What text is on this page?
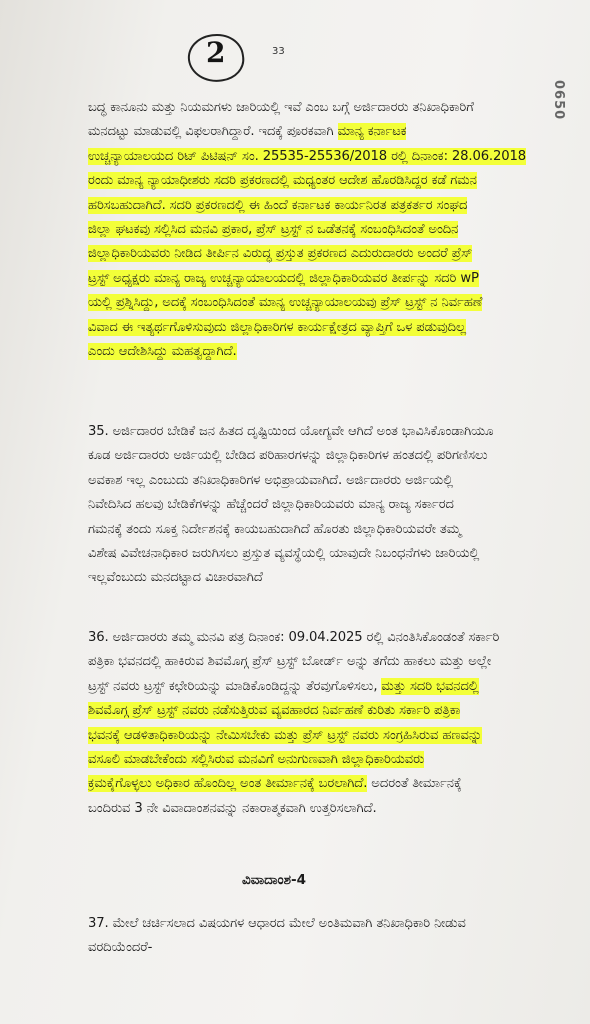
2	33
0650
ಬದ್ಧ ಕಾನೂನು ಮತ್ತು ನಿಯಮಗಳು ಜಾರಿಯಲ್ಲಿ ಇವೆ ಎಂಬ ಬಗ್ಗೆ ಅರ್ಜಿದಾರರು ತನಿಖಾಧಿಕಾರಿಗೆ
ಮನದಟ್ಟು ಮಾಡುವಲ್ಲಿ ವಿಫಲರಾಗಿದ್ದಾರೆ. ಇದಕ್ಕೆ ಪೂರಕವಾಗಿ ಮಾನ್ಯ ಕರ್ನಾಟಕ
ಉಚ್ಚನ್ಯಾಯಾಲಯದ ರಿಟ್ ಪಿಟಿಷನ್ ಸಂ. 25535-25536/2018 ರಲ್ಲಿ ದಿನಾಂಕ: 28.06.2018
ರಂದು ಮಾನ್ಯ ನ್ಯಾಯಾಧೀಶರು ಸದರಿ ಪ್ರಕರಣದಲ್ಲಿ ಮಧ್ಯಂತರ ಆದೇಶ ಹೊರಡಿಸಿದ್ದರ ಕಡೆ ಗಮನ
ಹರಿಸಬಹುದಾಗಿದೆ. ಸದರಿ ಪ್ರಕರಣದಲ್ಲಿ ಈ ಹಿಂದೆ ಕರ್ನಾಟಕ ಕಾರ್ಯನಿರತ ಪತ್ರಕರ್ತರ ಸಂಘದ
ಜಿಲ್ಲಾ ಘಟಕವು ಸಲ್ಲಿಸಿದ ಮನವಿ ಪ್ರಕಾರ, ಪ್ರೆಸ್ ಟ್ರಸ್ಟ್ ನ ಒಡೆತನಕ್ಕೆ ಸಂಬಂಧಿಸಿದಂತೆ ಅಂದಿನ
ಜಿಲ್ಲಾಧಿಕಾರಿಯವರು ನೀಡಿದ ತೀರ್ಪಿನ ವಿರುದ್ಧ ಪ್ರಸ್ತುತ ಪ್ರಕರಣದ ಎದುರುದಾರರು ಅಂದರೆ ಪ್ರೆಸ್
ಟ್ರಸ್ಟ್ ಅಧ್ಯಕ್ಷರು ಮಾನ್ಯ ರಾಜ್ಯ ಉಚ್ಚನ್ಯಾಯಾಲಯದಲ್ಲಿ ಜಿಲ್ಲಾಧಿಕಾರಿಯವರ ತೀರ್ಪನ್ನು ಸದರಿ wP
ಯಲ್ಲಿ ಪ್ರಶ್ನಿಸಿದ್ದು, ಅದಕ್ಕೆ ಸಂಬಂಧಿಸಿದಂತೆ ಮಾನ್ಯ ಉಚ್ಚನ್ಯಾಯಾಲಯವು ಪ್ರೆಸ್ ಟ್ರಸ್ಟ್ ನ ನಿರ್ವಹಣೆ
ವಿವಾದ ಈ ಇತ್ಯರ್ಥಗೊಳಿಸುವುದು ಜಿಲ್ಲಾಧಿಕಾರಿಗಳ ಕಾರ್ಯಕ್ಷೇತ್ರದ ವ್ಯಾಪ್ತಿಗೆ ಒಳ ಪಡುವುದಿಲ್ಲ
ಎಂದು ಆದೇಶಿಸಿದ್ದು ಮಹತ್ವದ್ದಾಗಿದೆ.
35. ಅರ್ಜಿದಾರರ ಬೇಡಿಕೆ ಜನ ಹಿತದ ದೃಷ್ಟಿಯಿಂದ ಯೋಗ್ಯವೇ ಆಗಿದೆ ಅಂತ ಭಾವಿಸಿಕೊಂಡಾಗಿಯೂ
ಕೂಡ ಅರ್ಜಿದಾರರು ಅರ್ಜಿಯಲ್ಲಿ ಬೇಡಿದ ಪರಿಹಾರಗಳನ್ನು ಜಿಲ್ಲಾಧಿಕಾರಿಗಳ ಹಂತದಲ್ಲಿ ಪರಿಗಣಿಸಲು
ಅವಕಾಶ ಇಲ್ಲ ಎಂಬುದು ತನಿಖಾಧಿಕಾರಿಗಳ ಅಭಿಪ್ರಾಯವಾಗಿದೆ. ಅರ್ಜಿದಾರರು ಅರ್ಜಿಯಲ್ಲಿ
ನಿವೇದಿಸಿದ ಹಲವು ಬೇಡಿಕೆಗಳನ್ನು ಹೆಚ್ಚೆಂದರೆ ಜಿಲ್ಲಾಧಿಕಾರಿಯವರು ಮಾನ್ಯ ರಾಜ್ಯ ಸರ್ಕಾರದ
ಗಮನಕ್ಕೆ ತಂದು ಸೂಕ್ತ ನಿರ್ದೇಶನಕ್ಕೆ ಕಾಯಬಹುದಾಗಿದೆ ಹೊರತು ಜಿಲ್ಲಾಧಿಕಾರಿಯವರೇ ತಮ್ಮ
ವಿಶೇಷ ವಿವೇಚನಾಧಿಕಾರ ಜರುಗಿಸಲು ಪ್ರಸ್ತುತ ವ್ಯವಸ್ಥೆಯಲ್ಲಿ ಯಾವುದೇ ನಿಬಂಧನೆಗಳು ಜಾರಿಯಲ್ಲಿ
ಇಲ್ಲವೆಂಬುದು ಮನದಟ್ಟಾದ ವಿಚಾರವಾಗಿದೆ
36. ಅರ್ಜಿದಾರರು ತಮ್ಮ ಮನವಿ ಪತ್ರ ದಿನಾಂಕ: 09.04.2025 ರಲ್ಲಿ ವಿನಂತಿಸಿಕೊಂಡಂತೆ ಸರ್ಕಾರಿ
ಪತ್ರಿಕಾ ಭವನದಲ್ಲಿ ಹಾಕಿರುವ ಶಿವಮೊಗ್ಗ ಪ್ರೆಸ್ ಟ್ರಸ್ಟ್ ಬೋರ್ಡ್ ಅನ್ನು ತಗೆದು ಹಾಕಲು ಮತ್ತು ಅಲ್ಲೇ
ಟ್ರಸ್ಟ್ ನವರು ಟ್ರಸ್ಟ್ ಕಛೇರಿಯನ್ನು ಮಾಡಿಕೊಂಡಿದ್ದನ್ನು ತೆರವುಗೊಳಿಸಲು, ಮತ್ತು ಸದರಿ ಭವನದಲ್ಲಿ
ಶಿವಮೊಗ್ಗ ಪ್ರೆಸ್ ಟ್ರಸ್ಟ್ ನವರು ನಡೆಸುತ್ತಿರುವ ವ್ಯವಹಾರದ ನಿರ್ವಹಣೆ ಕುರಿತು ಸರ್ಕಾರಿ ಪತ್ರಿಕಾ
ಭವನಕ್ಕೆ ಆಡಳಿತಾಧಿಕಾರಿಯನ್ನು ನೇಮಿಸಬೇಕು ಮತ್ತು ಪ್ರೆಸ್ ಟ್ರಸ್ಟ್ ನವರು ಸಂಗ್ರಹಿಸಿರುವ ಹಣವನ್ನು
ವಸೂಲಿ ಮಾಡಬೇಕೆಂದು ಸಲ್ಲಿಸಿರುವ ಮನವಿಗೆ ಅನುಗುಣವಾಗಿ ಜಿಲ್ಲಾಧಿಕಾರಿಯವರು
ಕ್ರಮಕೈಗೊಳ್ಳಲು ಅಧಿಕಾರ ಹೊಂದಿಲ್ಲ ಅಂತ ತೀರ್ಮಾನಕ್ಕೆ ಬರಲಾಗಿದೆ. ಅದರಂತೆ ತೀರ್ಮಾನಕ್ಕೆ
ಬಂದಿರುವ 3 ನೇ ವಿವಾದಾಂಶನವನ್ನು ನಕಾರಾತ್ಮಕವಾಗಿ ಉತ್ತರಿಸಲಾಗಿದೆ.
ವಿವಾದಾಂಶ-4
37. ಮೇಲೆ ಚರ್ಚಿಸಲಾದ ವಿಷಯಗಳ ಆಧಾರದ ಮೇಲೆ ಅಂತಿಮವಾಗಿ ತನಿಖಾಧಿಕಾರಿ ನೀಡುವ
ವರದಿಯೆಂದರೆ-
